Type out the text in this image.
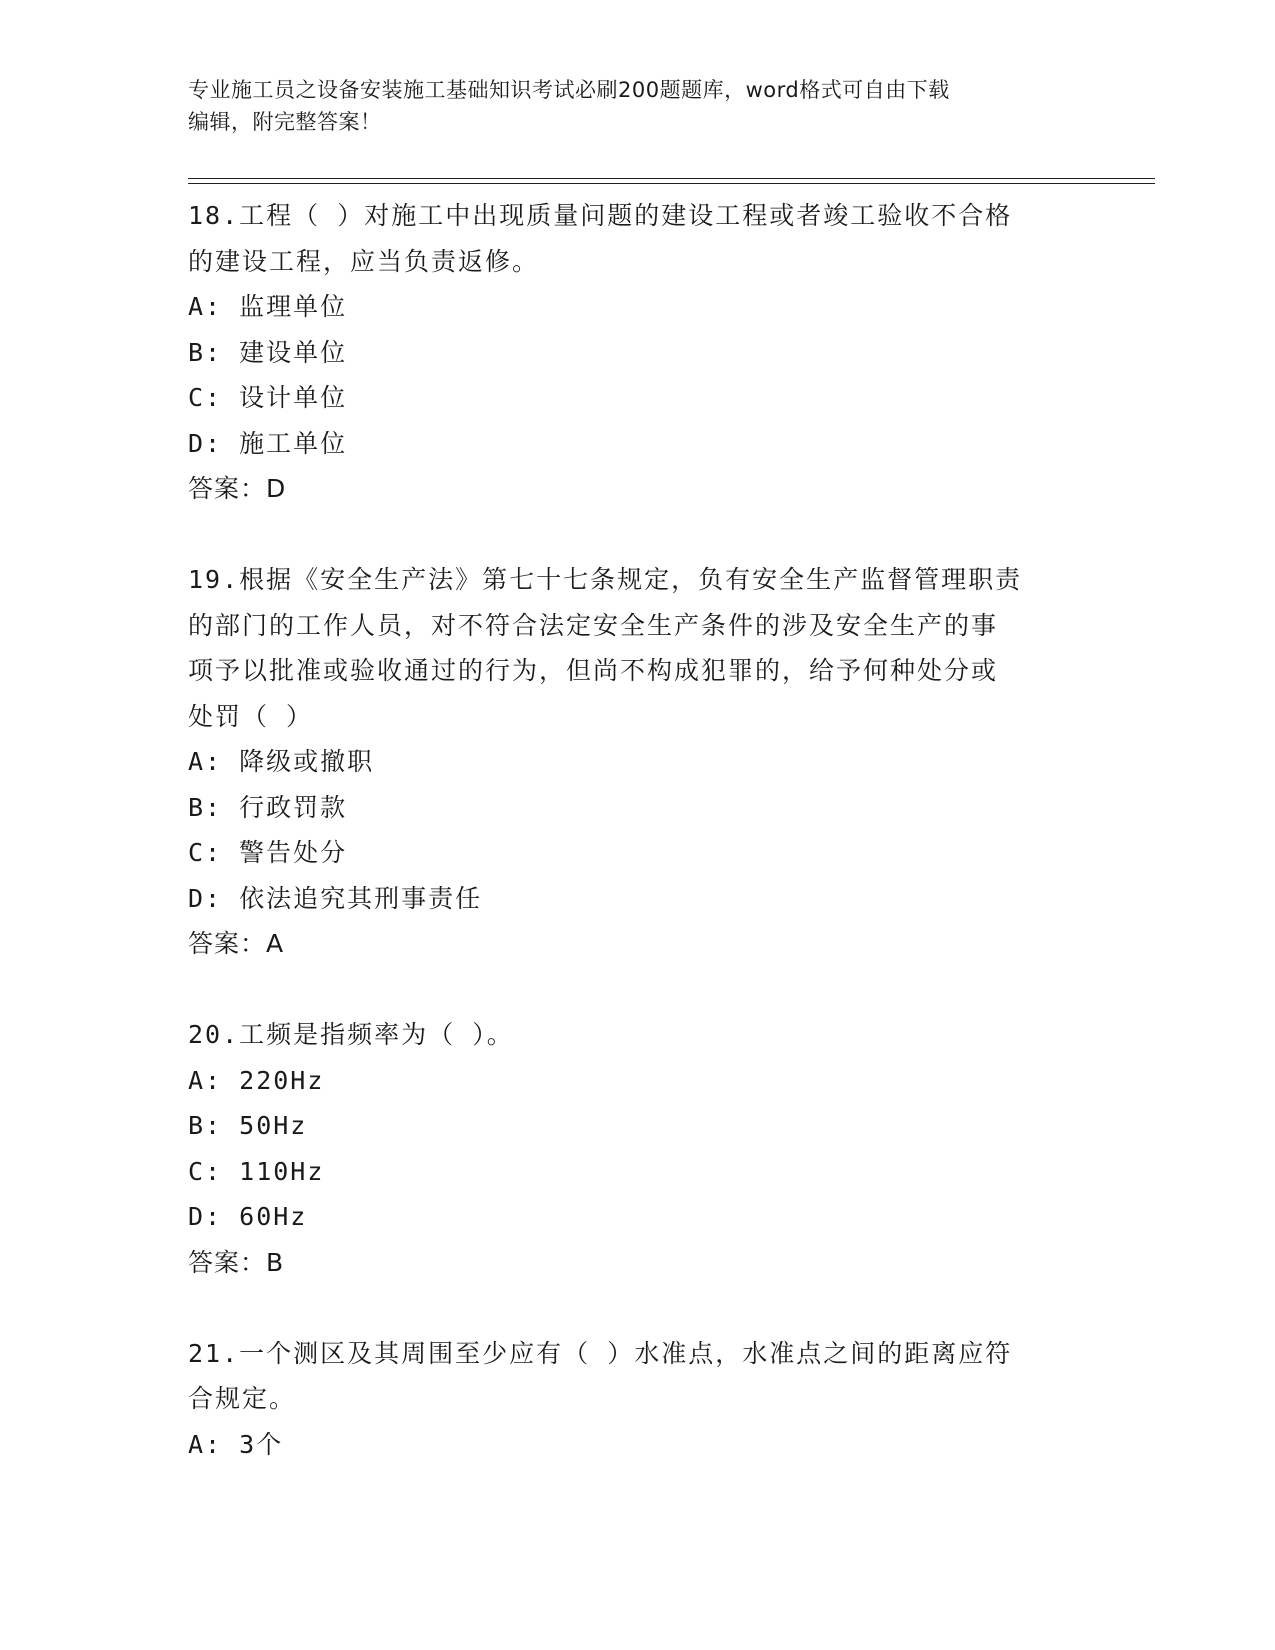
专业施工员之设备安装施工基础知识考试必刷200题题库，word格式可自由下载
编辑，附完整答案！
18.工程（ ）对施工中出现质量问题的建设工程或者竣工验收不合格
的建设工程，应当负责返修。
A: 监理单位
B: 建设单位
C: 设计单位
D: 施工单位
答案：D
19.根据《安全生产法》第七十七条规定，负有安全生产监督管理职责
的部门的工作人员，对不符合法定安全生产条件的涉及安全生产的事
项予以批准或验收通过的行为，但尚不构成犯罪的，给予何种处分或
处罚（ ）
A: 降级或撤职
B: 行政罚款
C: 警告处分
D: 依法追究其刑事责任
答案：A
20.工频是指频率为（ ）。
A: 220Hz
B: 50Hz
C: 110Hz
D: 60Hz
答案：B
21.一个测区及其周围至少应有（ ）水准点，水准点之间的距离应符
合规定。
A: 3个
